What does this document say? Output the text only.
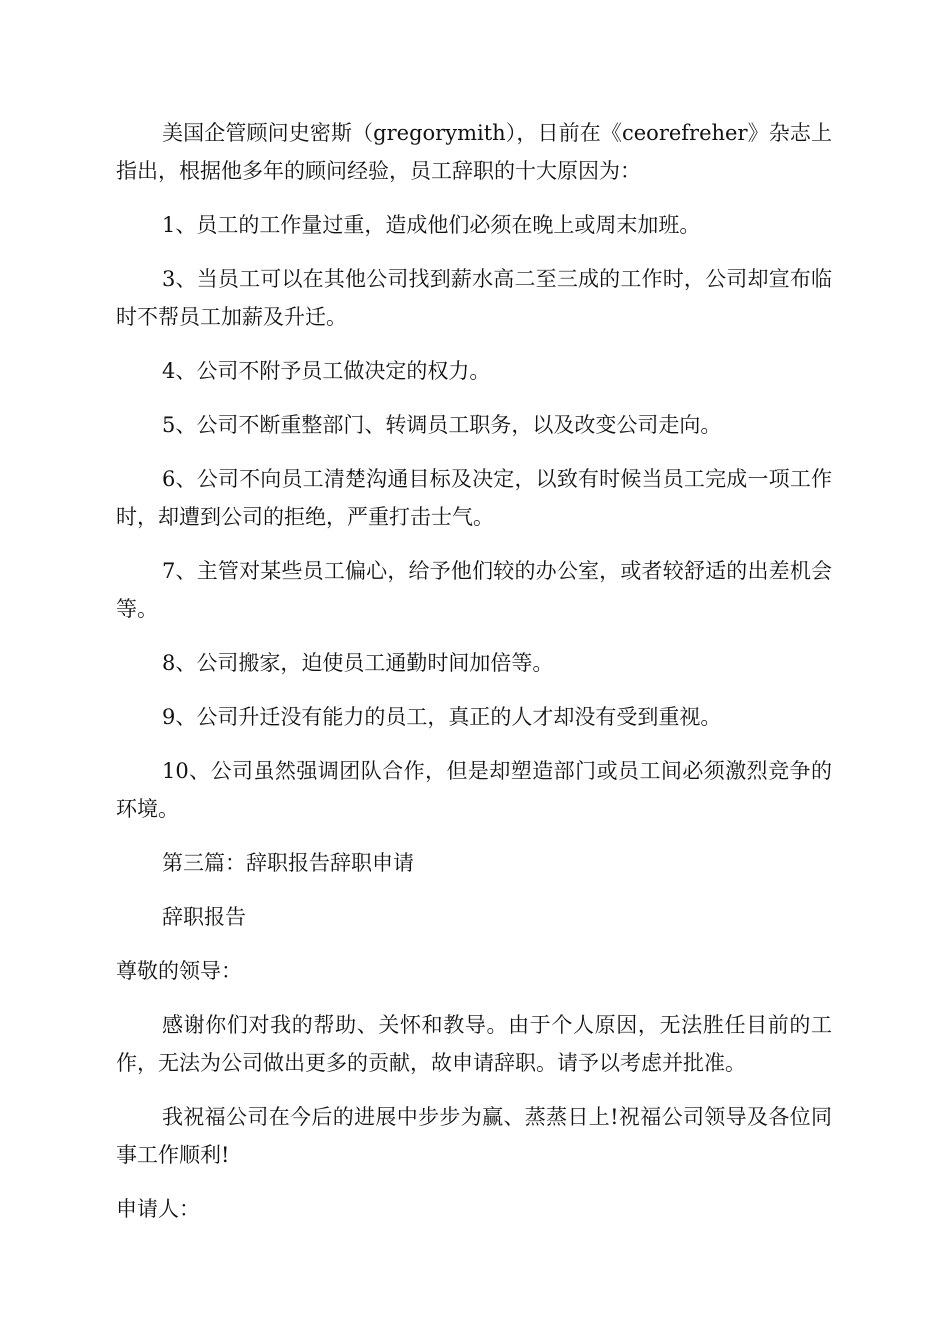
美国企管顾问史密斯（gregorymith），日前在《ceorefreher》杂志上指出，根据他多年的顾问经验，员工辞职的十大原因为：

1、员工的工作量过重，造成他们必须在晚上或周末加班。

3、当员工可以在其他公司找到薪水高二至三成的工作时，公司却宣布临时不帮员工加薪及升迁。

4、公司不附予员工做决定的权力。

5、公司不断重整部门、转调员工职务，以及改变公司走向。

6、公司不向员工清楚沟通目标及决定，以致有时候当员工完成一项工作时，却遭到公司的拒绝，严重打击士气。

7、主管对某些员工偏心，给予他们较的办公室，或者较舒适的出差机会等。

8、公司搬家，迫使员工通勤时间加倍等。

9、公司升迁没有能力的员工，真正的人才却没有受到重视。

10、公司虽然强调团队合作，但是却塑造部门或员工间必须激烈竞争的环境。

第三篇：辞职报告辞职申请

辞职报告

尊敬的领导：

感谢你们对我的帮助、关怀和教导。由于个人原因，无法胜任目前的工作，无法为公司做出更多的贡献，故申请辞职。请予以考虑并批准。

我祝福公司在今后的进展中步步为赢、蒸蒸日上!祝福公司领导及各位同事工作顺利!

申请人：
